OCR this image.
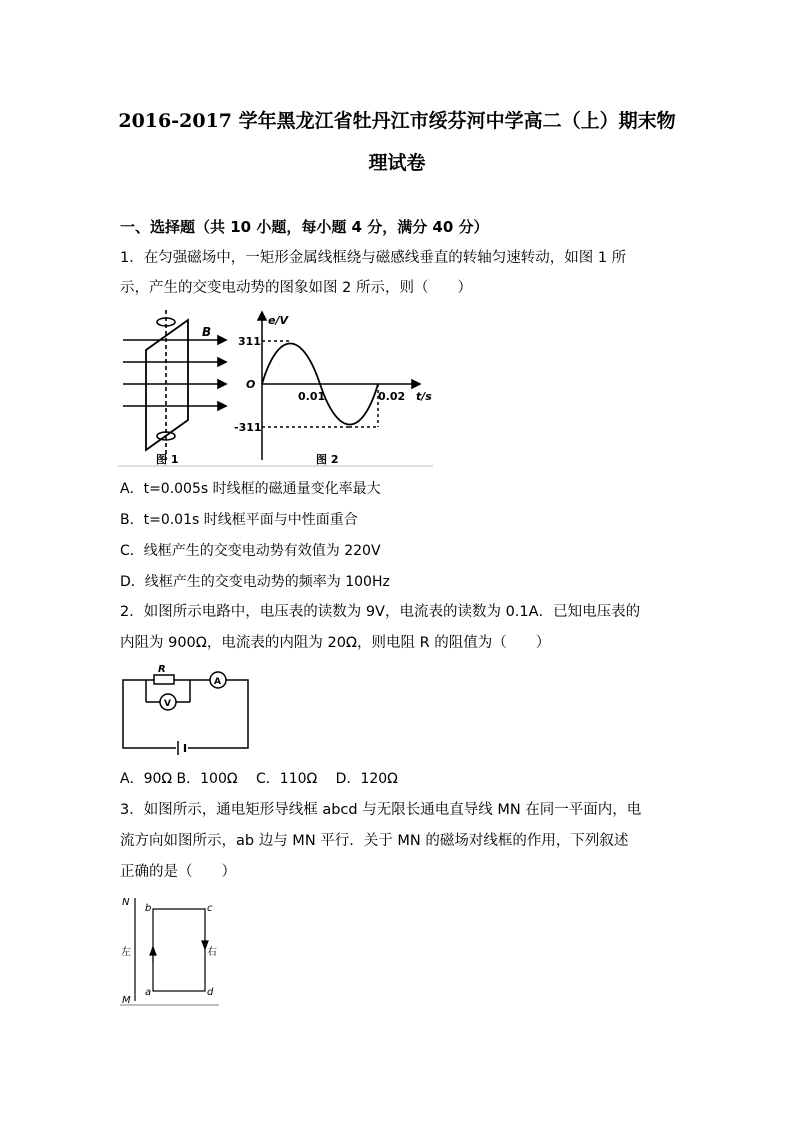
2016-2017 学年黑龙江省牡丹江市绥芬河中学高二（上）期末物
理试卷
一、选择题（共 10 小题，每小题 4 分，满分 40 分）
1．在匀强磁场中，一矩形金属线框绕与磁感线垂直的转轴匀速转动，如图 1 所
示，产生的交变电动势的图象如图 2 所示，则（　　）
B
图 1
e/V
311
O
-311
0.01	0.02 t/s
图 2
A．t=0.005s 时线框的磁通量变化率最大
B．t=0.01s 时线框平面与中性面重合
C．线框产生的交变电动势有效值为 220V
D．线框产生的交变电动势的频率为 100Hz
2．如图所示电路中，电压表的读数为 9V，电流表的读数为 0.1A．已知电压表的
内阻为 900Ω，电流表的内阻为 20Ω，则电阻 R 的阻值为（　　）
R
V
A
A．90Ω B．100Ω　 C．110Ω　 D．120Ω
3．如图所示，通电矩形导线框 abcd 与无限长通电直导线 MN 在同一平面内，电
流方向如图所示，ab 边与 MN 平行．关于 MN 的磁场对线框的作用，下列叙述
正确的是（　　）
N
M
b	c
a	d
左	右
